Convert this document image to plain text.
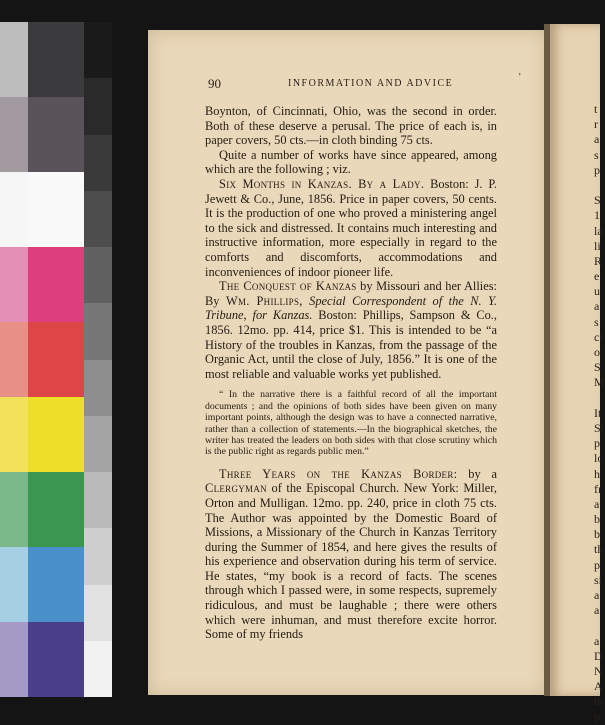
90	INFORMATION AND ADVICE
ʼ

Boynton, of Cincinnati, Ohio, was the second in order. Both of these deserve a perusal. The price of each is, in paper covers, 50 cts.—in cloth binding 75 cts.

Quite a number of works have since appeared, among which are the following ; viz.

Six Months in Kanzas. By a Lady. Boston: J. P. Jewett & Co., June, 1856. Price in paper covers, 50 cents. It is the production of one who proved a ministering angel to the sick and distressed. It contains much interesting and instructive information, more especially in regard to the comforts and discomforts, accommodations and inconveniences of indoor pioneer life.

The Conquest of Kanzas by Missouri and her Allies: By Wm. Phillips, Special Correspondent of the N. Y. Tribune, for Kanzas. Boston: Phillips, Sampson & Co., 1856. 12mo. pp. 414, price $1. This is intended to be “a History of the troubles in Kanzas, from the passage of the Organic Act, until the close of July, 1856.” It is one of the most reliable and valuable works yet published.

“ In the narrative there is a faithful record of all the important documents ; and the opinions of both sides have been given on many important points, although the design was to have a connected narrative, rather than a collection of statements.—In the biographical sketches, the writer has treated the leaders on both sides with that close scrutiny which is the public right as regards public men.”

Three Years on the Kanzas Border: by a Clergyman of the Episcopal Church. New York: Miller, Orton and Mulligan. 12mo. pp. 240, price in cloth 75 cts. The Author was appointed by the Domestic Board of Missions, a Missionary of the Church in Kanzas Territory during the Summer of 1854, and here gives the results of his experience and observation during his term of service. He states, “my book is a record of facts. The scenes through which I passed were, in some respects, supremely ridiculous, and must be laughable ; there were others which were inhuman, and must therefore excite horror. Some of my friends

t
r
a
s
p
S
1
la
li
R
e
u
a
s
ci
o
S
M
It
St
p
lo
h
fr
a
b
b
th
p
si
a
a
a
D
N
A
th
p
